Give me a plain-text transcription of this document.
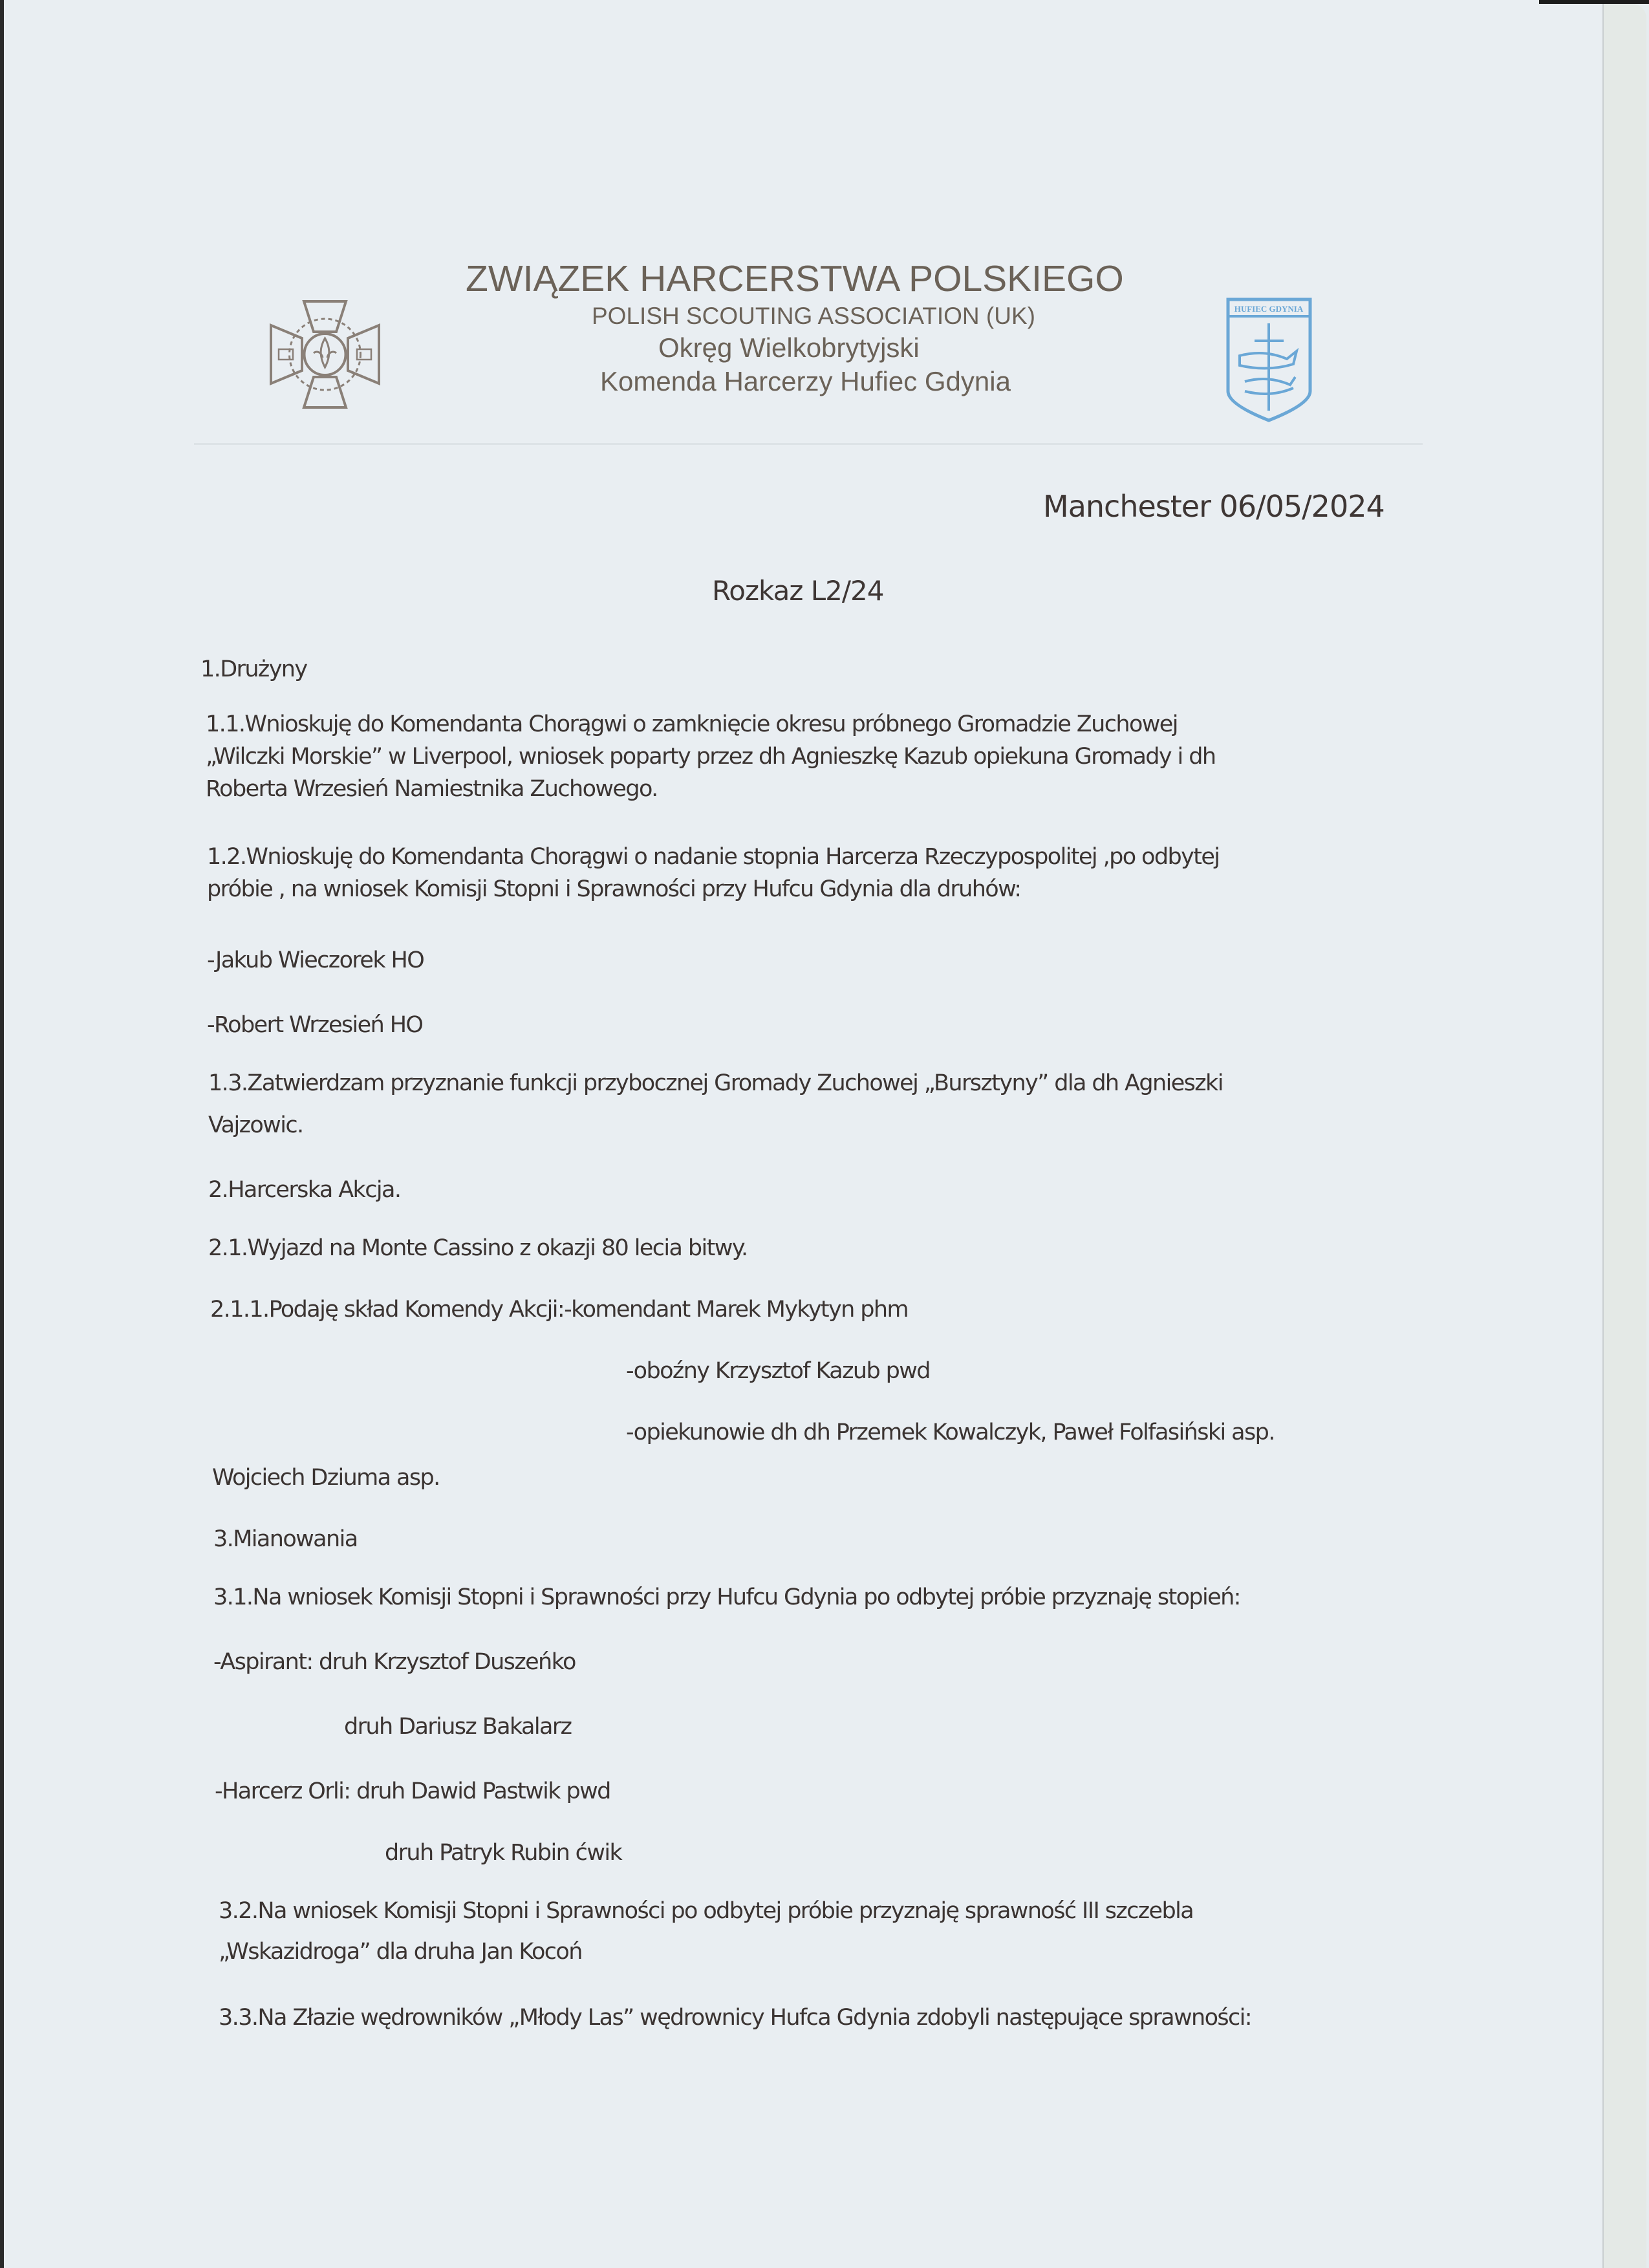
HUFIEC GDYNIA
ZWIĄZEK HARCERSTWA POLSKIEGO
POLISH SCOUTING ASSOCIATION (UK)
Okręg Wielkobrytyjski
Komenda Harcerzy Hufiec Gdynia
Manchester 06/05/2024
Rozkaz L2/24
1.Drużyny
1.1.Wnioskuję do Komendanta Chorągwi o zamknięcie okresu próbnego Gromadzie Zuchowej
„Wilczki Morskie” w Liverpool, wniosek poparty przez dh Agnieszkę Kazub opiekuna Gromady i dh
Roberta Wrzesień Namiestnika Zuchowego.
1.2.Wnioskuję do Komendanta Chorągwi o nadanie stopnia Harcerza Rzeczypospolitej ,po odbytej
próbie , na wniosek Komisji Stopni i Sprawności przy Hufcu Gdynia dla druhów:
-Jakub Wieczorek HO
-Robert Wrzesień HO
1.3.Zatwierdzam przyznanie funkcji przybocznej Gromady Zuchowej „Bursztyny” dla dh Agnieszki
Vajzowic.
2.Harcerska Akcja.
2.1.Wyjazd na Monte Cassino z okazji 80 lecia bitwy.
2.1.1.Podaję skład Komendy Akcji:-komendant Marek Mykytyn phm
-oboźny Krzysztof Kazub pwd
-opiekunowie dh dh Przemek Kowalczyk, Paweł Folfasiński asp.
Wojciech Dziuma asp.
3.Mianowania
3.1.Na wniosek Komisji Stopni i Sprawności przy Hufcu Gdynia po odbytej próbie przyznaję stopień:
-Aspirant: druh Krzysztof Duszeńko
druh Dariusz Bakalarz
-Harcerz Orli: druh Dawid Pastwik pwd
druh Patryk Rubin ćwik
3.2.Na wniosek Komisji Stopni i Sprawności po odbytej próbie przyznaję sprawność III szczebla
„Wskazidroga” dla druha Jan Kocoń
3.3.Na Złazie wędrowników „Młody Las” wędrownicy Hufca Gdynia zdobyli następujące sprawności:
